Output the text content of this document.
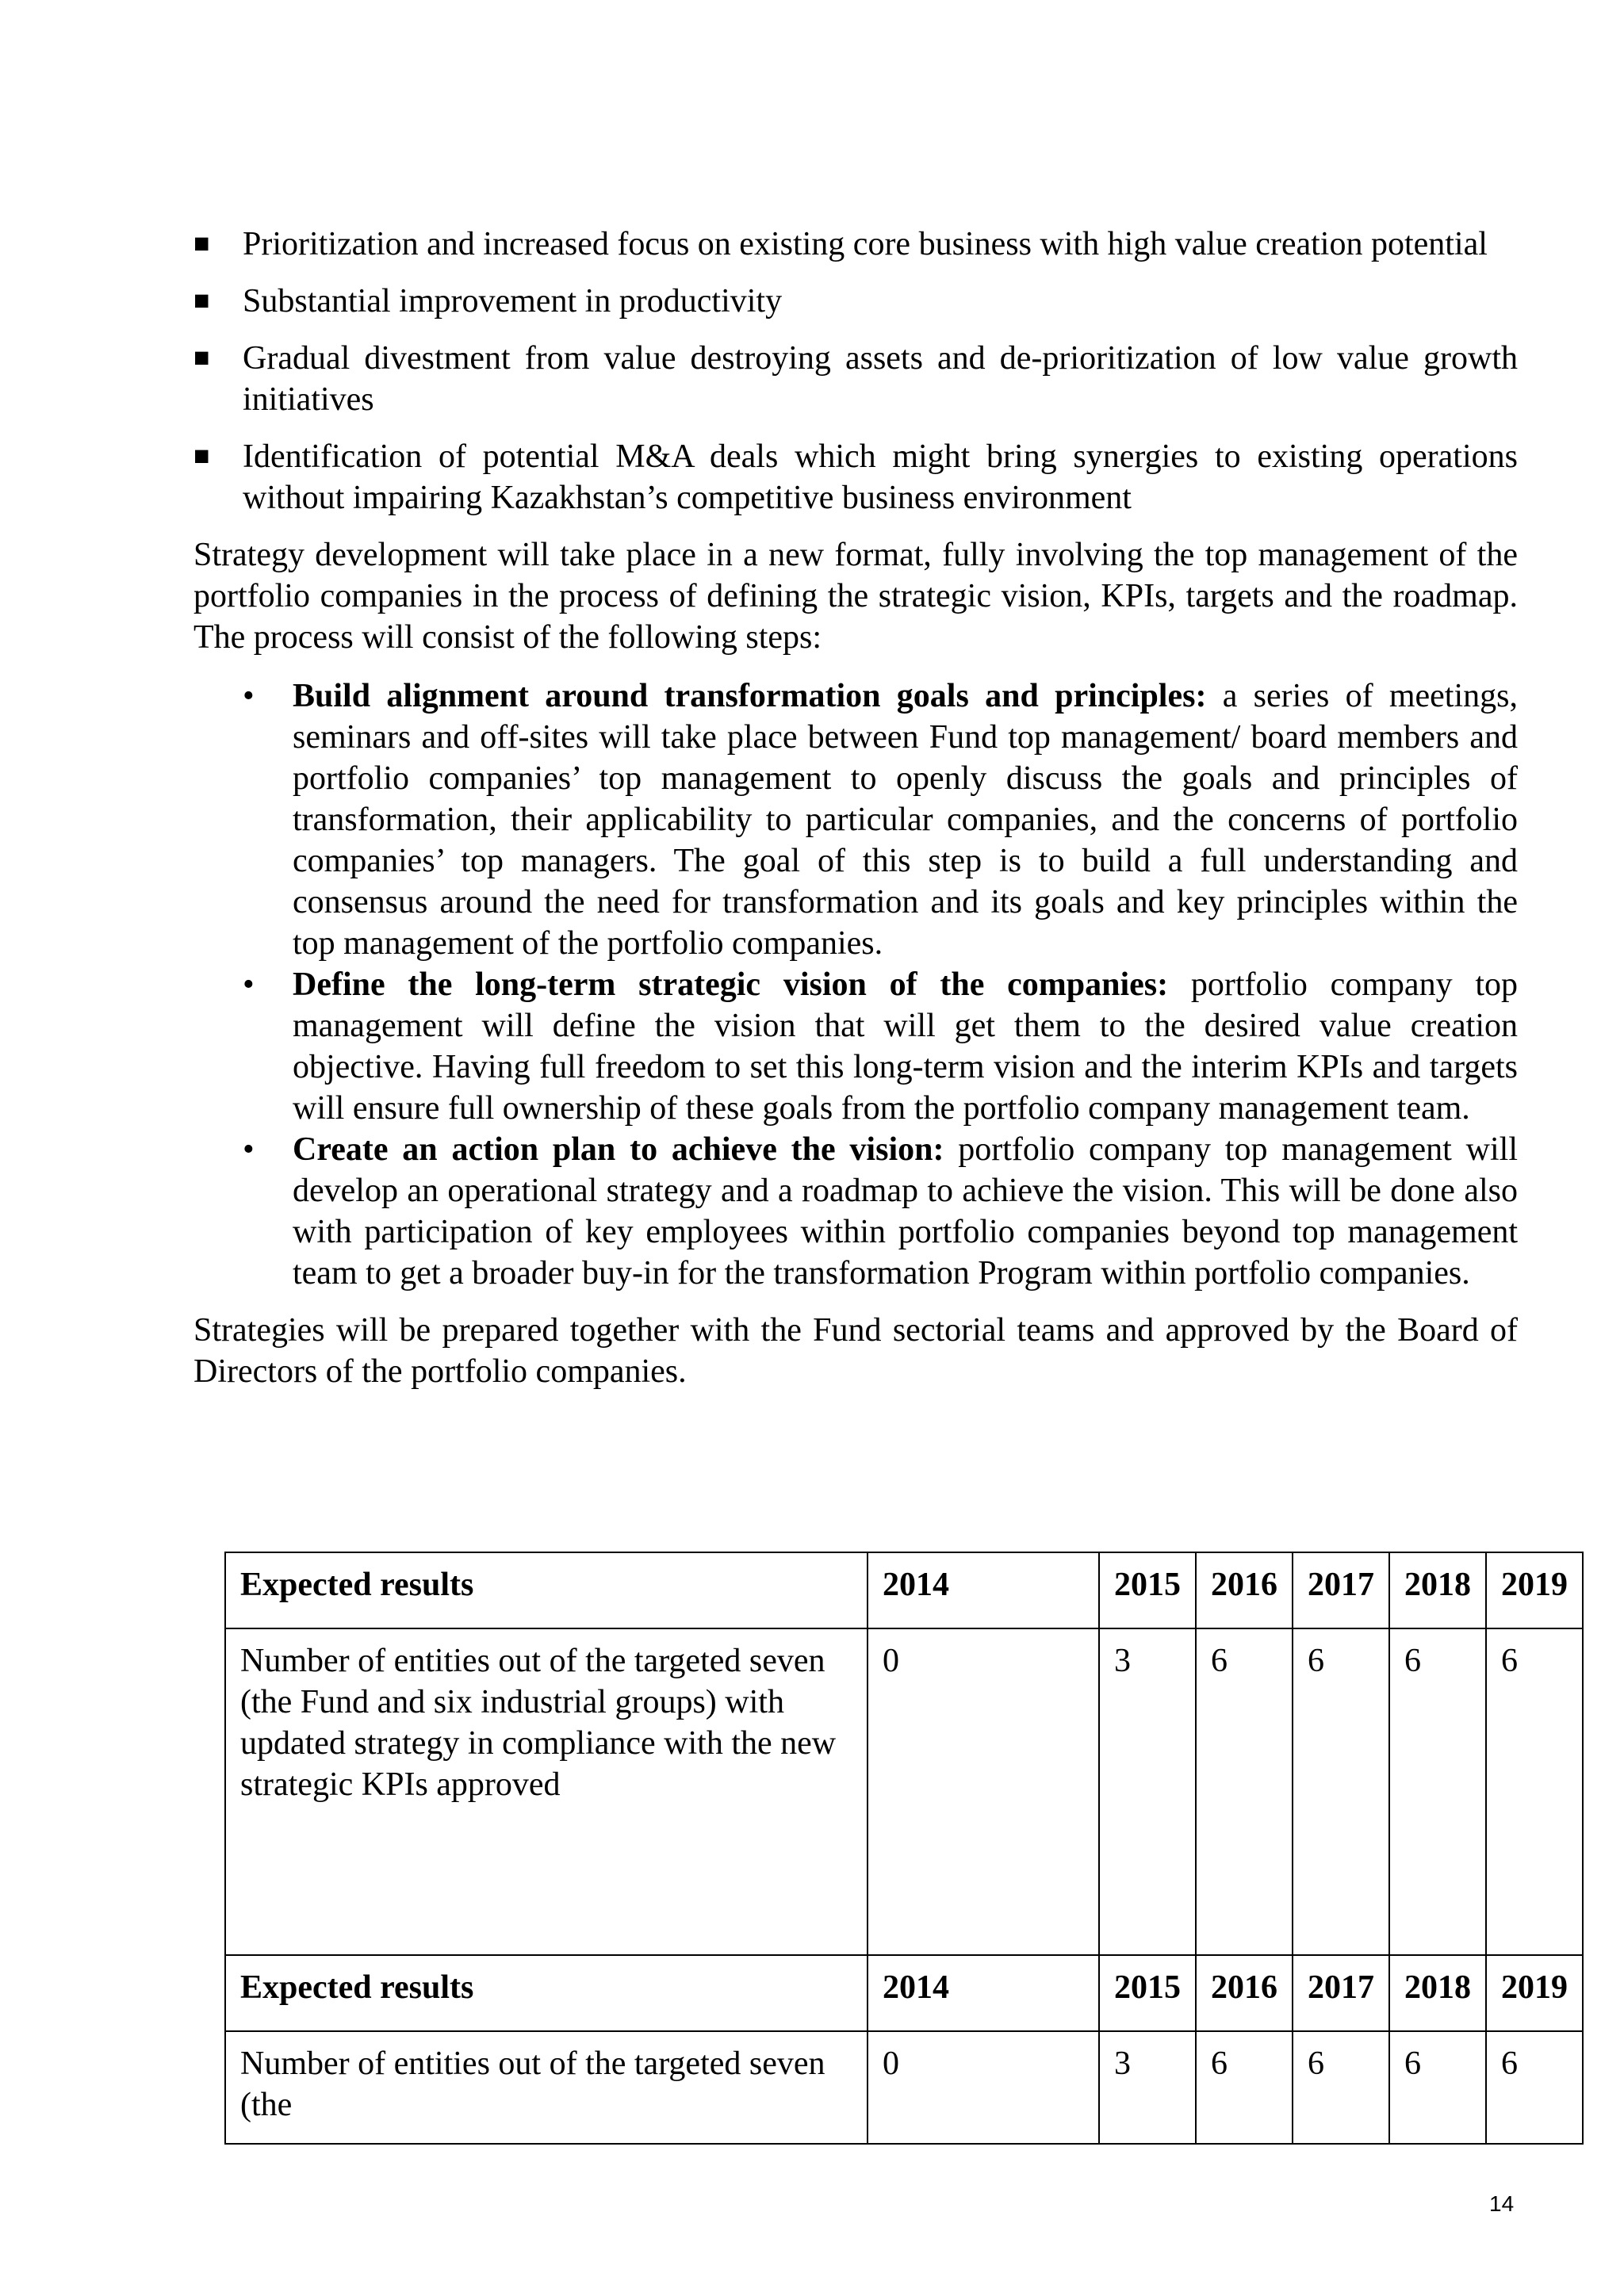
■ Prioritization and increased focus on existing core business with high value creation potential
■ Substantial improvement in productivity
■ Gradual divestment from value destroying assets and de-prioritization of low value growth initiatives
■ Identification of potential M&A deals which might bring synergies to existing operations without impairing Kazakhstan’s competitive business environment

Strategy development will take place in a new format, fully involving the top management of the portfolio companies in the process of defining the strategic vision, KPIs, targets and the roadmap. The process will consist of the following steps:

• Build alignment around transformation goals and principles: a series of meetings, seminars and off-sites will take place between Fund top management/ board members and portfolio companies’ top management to openly discuss the goals and principles of transformation, their applicability to particular companies, and the concerns of portfolio companies’ top managers. The goal of this step is to build a full understanding and consensus around the need for transformation and its goals and key principles within the top management of the portfolio companies.
• Define the long-term strategic vision of the companies: portfolio company top management will define the vision that will get them to the desired value creation objective. Having full freedom to set this long-term vision and the interim KPIs and targets will ensure full ownership of these goals from the portfolio company management team.
• Create an action plan to achieve the vision: portfolio company top management will develop an operational strategy and a roadmap to achieve the vision. This will be done also with participation of key employees within portfolio companies beyond top management team to get a broader buy-in for the transformation Program within portfolio companies.

Strategies will be prepared together with the Fund sectorial teams and approved by the Board of Directors of the portfolio companies.

Expected results	2014	2015	2016	2017	2018	2019
Number of entities out of the targeted seven (the Fund and six industrial groups) with updated strategy in compliance with the new strategic KPIs approved	0	3	6	6	6	6
Expected results	2014	2015	2016	2017	2018	2019
Number of entities out of the targeted seven (the	0	3	6	6	6	6
14
